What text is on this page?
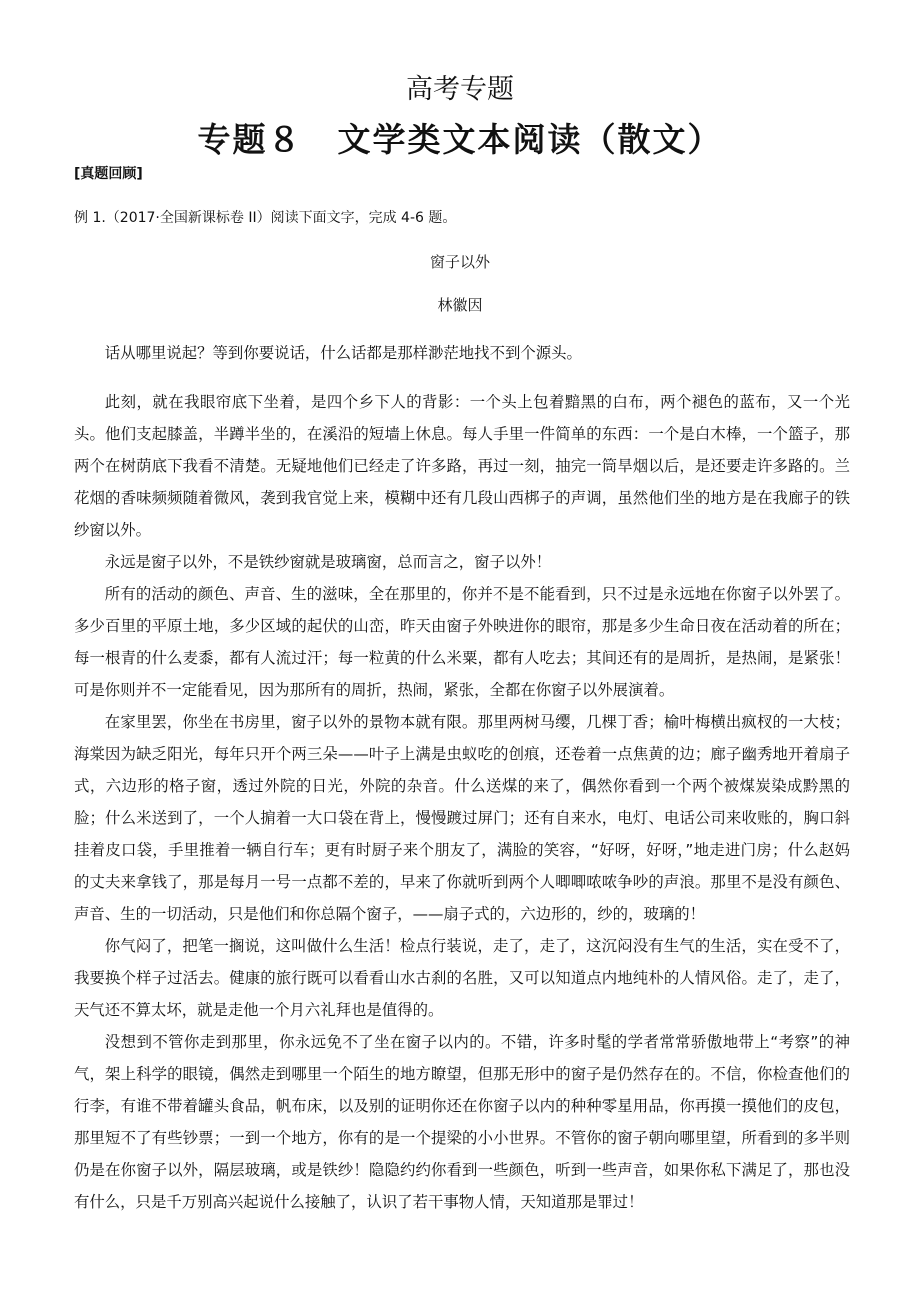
高考专题
专题８　文学类文本阅读（散文）
[真题回顾]
例 1.（2017·全国新课标卷 II）阅读下面文字，完成 4-6 题。
窗子以外
林徽因

话从哪里说起？等到你要说话，什么话都是那样渺茫地找不到个源头。

此刻，就在我眼帘底下坐着，是四个乡下人的背影：一个头上包着黯黑的白布，两个褪色的蓝布，又一个光头。他们支起膝盖，半蹲半坐的，在溪沿的短墙上休息。每人手里一件简单的东西：一个是白木棒，一个篮子，那两个在树荫底下我看不清楚。无疑地他们已经走了许多路，再过一刻，抽完一筒旱烟以后，是还要走许多路的。兰花烟的香味频频随着微风，袭到我官觉上来，模糊中还有几段山西梆子的声调，虽然他们坐的地方是在我廊子的铁纱窗以外。

永远是窗子以外，不是铁纱窗就是玻璃窗，总而言之，窗子以外！

所有的活动的颜色、声音、生的滋味，全在那里的，你并不是不能看到，只不过是永远地在你窗子以外罢了。多少百里的平原土地，多少区域的起伏的山峦，昨天由窗子外映进你的眼帘，那是多少生命日夜在活动着的所在；每一根青的什么麦黍，都有人流过汗；每一粒黄的什么米粟，都有人吃去；其间还有的是周折，是热闹，是紧张！可是你则并不一定能看见，因为那所有的周折，热闹，紧张，全都在你窗子以外展演着。

在家里罢，你坐在书房里，窗子以外的景物本就有限。那里两树马缨，几棵丁香；榆叶梅横出疯杈的一大枝；海棠因为缺乏阳光，每年只开个两三朵——叶子上满是虫蚁吃的创痕，还卷着一点焦黄的边；廊子幽秀地开着扇子式，六边形的格子窗，透过外院的日光，外院的杂音。什么送煤的来了，偶然你看到一个两个被煤炭染成黔黑的脸；什么米送到了，一个人掮着一大口袋在背上，慢慢踱过屏门；还有自来水，电灯、电话公司来收账的，胸口斜挂着皮口袋，手里推着一辆自行车；更有时厨子来个朋友了，满脸的笑容，“好呀，好呀，”地走进门房；什么赵妈的丈夫来拿钱了，那是每月一号一点都不差的，早来了你就听到两个人唧唧哝哝争吵的声浪。那里不是没有颜色、声音、生的一切活动，只是他们和你总隔个窗子，——扇子式的，六边形的，纱的，玻璃的！

你气闷了，把笔一搁说，这叫做什么生活！检点行装说，走了，走了，这沉闷没有生气的生活，实在受不了，我要换个样子过活去。健康的旅行既可以看看山水古刹的名胜，又可以知道点内地纯朴的人情风俗。走了，走了，天气还不算太坏，就是走他一个月六礼拜也是值得的。

没想到不管你走到那里，你永远免不了坐在窗子以内的。不错，许多时髦的学者常常骄傲地带上“考察”的神气，架上科学的眼镜，偶然走到哪里一个陌生的地方瞭望，但那无形中的窗子是仍然存在的。不信，你检查他们的行李，有谁不带着罐头食品，帆布床，以及别的证明你还在你窗子以内的种种零星用品，你再摸一摸他们的皮包，那里短不了有些钞票；一到一个地方，你有的是一个提梁的小小世界。不管你的窗子朝向哪里望，所看到的多半则仍是在你窗子以外，隔层玻璃，或是铁纱！隐隐约约你看到一些颜色，听到一些声音，如果你私下满足了，那也没有什么，只是千万别高兴起说什么接触了，认识了若干事物人情，天知道那是罪过！
